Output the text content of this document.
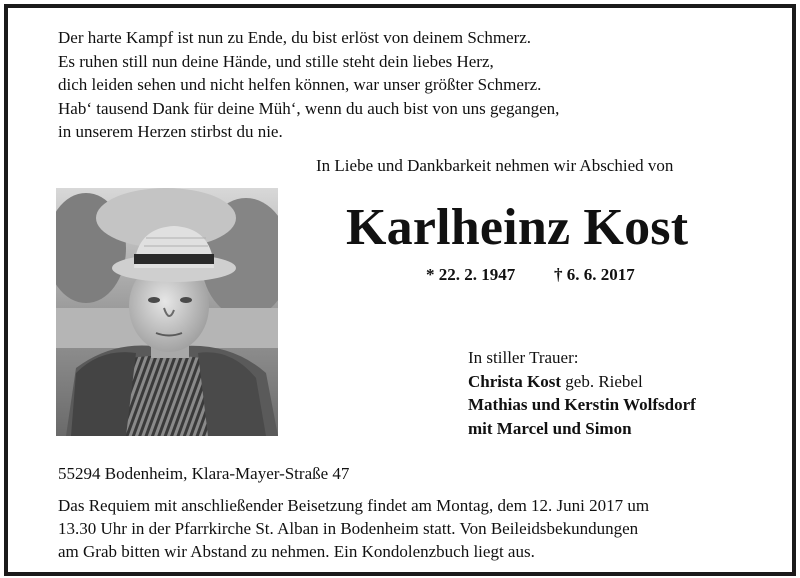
Der harte Kampf ist nun zu Ende, du bist erlöst von deinem Schmerz.
Es ruhen still nun deine Hände, und stille steht dein liebes Herz,
dich leiden sehen und nicht helfen können, war unser größter Schmerz.
Hab‘ tausend Dank für deine Müh‘, wenn du auch bist von uns gegangen,
in unserem Herzen stirbst du nie.
In Liebe und Dankbarkeit nehmen wir Abschied von
Karlheinz Kost
* 22. 2. 1947 † 6. 6. 2017
In stiller Trauer:
Christa Kost geb. Riebel
Mathias und Kerstin Wolfsdorf
mit Marcel und Simon
55294 Bodenheim, Klara-Mayer-Straße 47
Das Requiem mit anschließender Beisetzung findet am Montag, dem 12. Juni 2017 um
13.30 Uhr in der Pfarrkirche St. Alban in Bodenheim statt. Von Beileidsbekundungen
am Grab bitten wir Abstand zu nehmen. Ein Kondolenzbuch liegt aus.
